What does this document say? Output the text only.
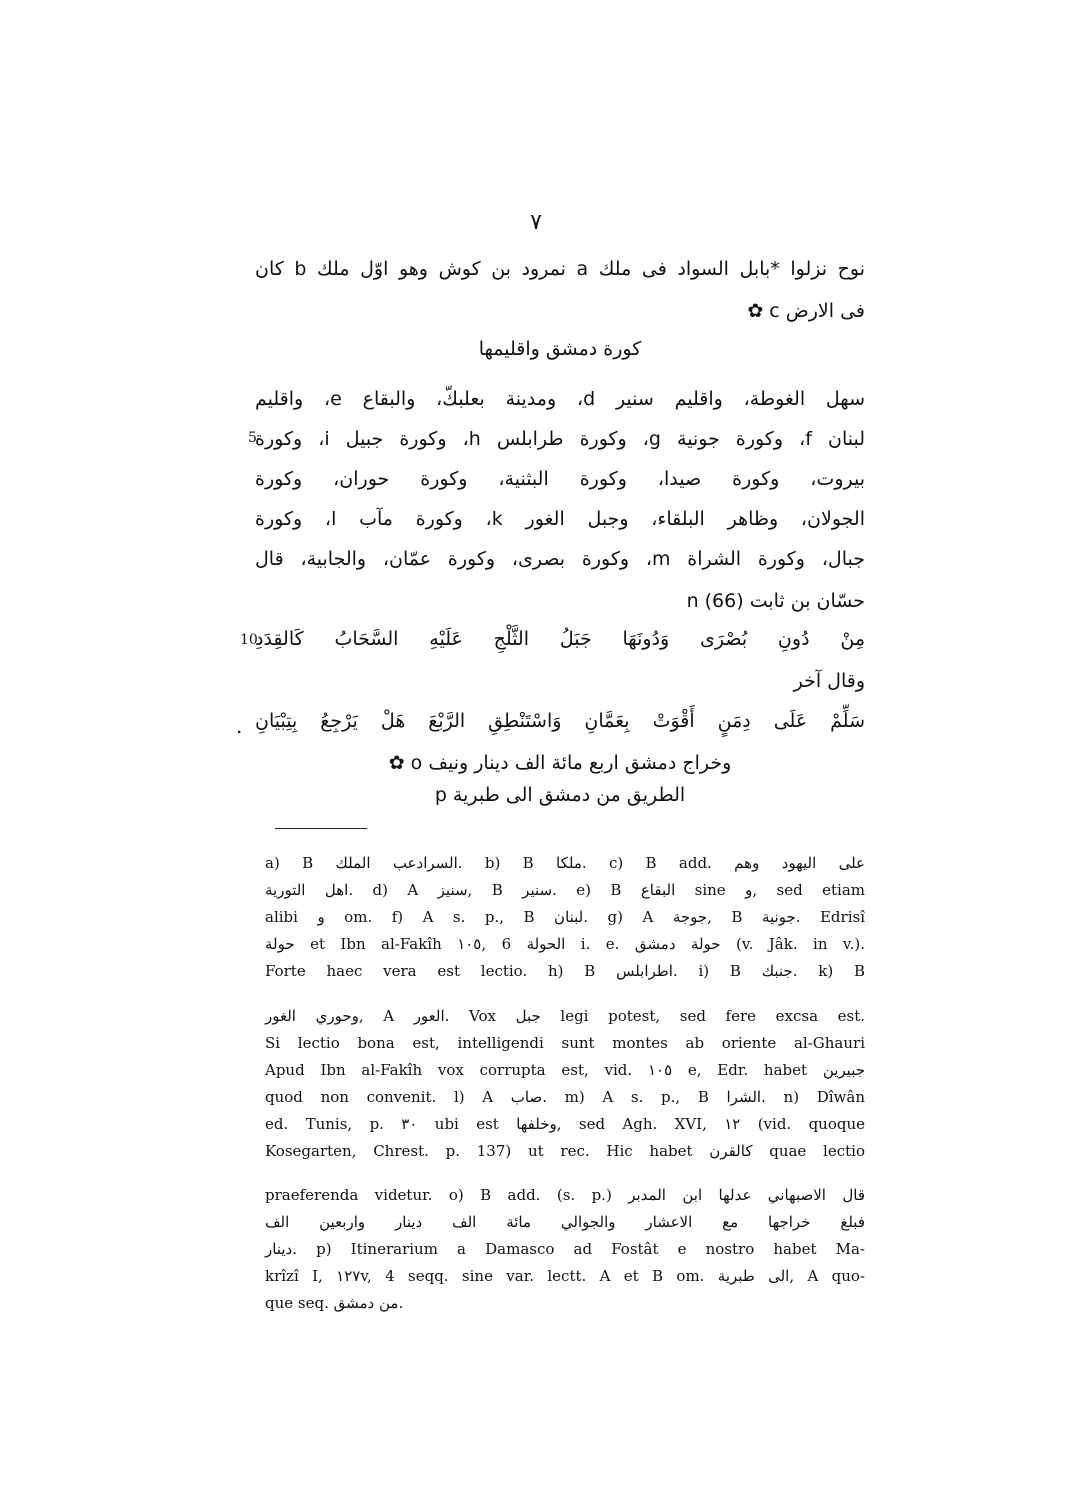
٧
نوح نزلوا *بابل السواد فى ملك a نمرود بن كوش وهو اوّل ملك b كان
فى الارض c ✿
كورة دمشق واقليمها
سهل الغوطة، واقليم سنير d، ومدينة بعلبكّ، والبقاع e، واقليم
لبنان f، وكورة جونية g، وكورة طرابلس h، وكورة جبيل i، وكورة
بيروت، وكورة صيدا، وكورة البثنية، وكورة حوران، وكورة
الجولان، وظاهر البلقاء، وجبل الغور k، وكورة مآب l، وكورة
جبال، وكورة الشراة m، وكورة بصرى، وكورة عمّان، والجابية، قال
حسّان بن ثابت n (66)
مِنْ دُونِ بُصْرَى وَدُونَهَا جَبَلُ الثَّلْجِ عَلَيْهِ السَّحَابُ كَالقِدَدِ
وقال آخر
سَلِّمْ عَلَى دِمَنٍ أَقْوَتْ بِعَمَّانِ وَاسْتَنْطِقِ الرَّبْعَ هَلْ يَرْجِعُ بِتِبْيَانِ
وخراج دمشق اربع مائة الف دينار ونيف o ✿
5
10
.
الطريق من دمشق الى طبرية p
a) B السرادعب الملك. b) B ملكا. c) B add. على اليهود وهم
اهل التورية. d) A سنيز, B سنير. e) B البقاع sine و, sed etiam
alibi و om. f) A s. p., B لبنان. g) A جوجة, B جونية. Edrisî
حولة et Ibn al-Fakîh ١٠٥, 6 الحولة i. e. حولة دمشق (v. Jâk. in v.).
Forte haec vera est lectio. h) B اطرابلس. i) B جنبك. k) B
وحوري الغور, A العور. Vox جبل legi potest, sed fere excsa est.
Si lectio bona est, intelligendi sunt montes ab oriente al-Ghauri
Apud Ibn al-Fakîh vox corrupta est, vid. ١٠٥ e, Edr. habet جبيرين
quod non convenit. l) A صاب. m) A s. p., B الشرا. n) Dîwân
ed. Tunis, p. ٣٠ ubi est وخلفها, sed Agh. XVI, ١٢ (vid. quoque
Kosegarten, Chrest. p. 137) ut rec. Hic habet كالقرن quae lectio
praeferenda videtur. o) B add. (s. p.) قال الاصبهاني عدلها ابن المدبر
فبلغ خراجها مع الاعشار والجوالي مائة الف دينار واربعين الف
دينار. p) Itinerarium a Damasco ad Fostât e nostro habet Ma-
krîzî I, ١٢٧v, 4 seqq. sine var. lectt. A et B om. الى طبرية, A quo-
que seq. من دمشق.
